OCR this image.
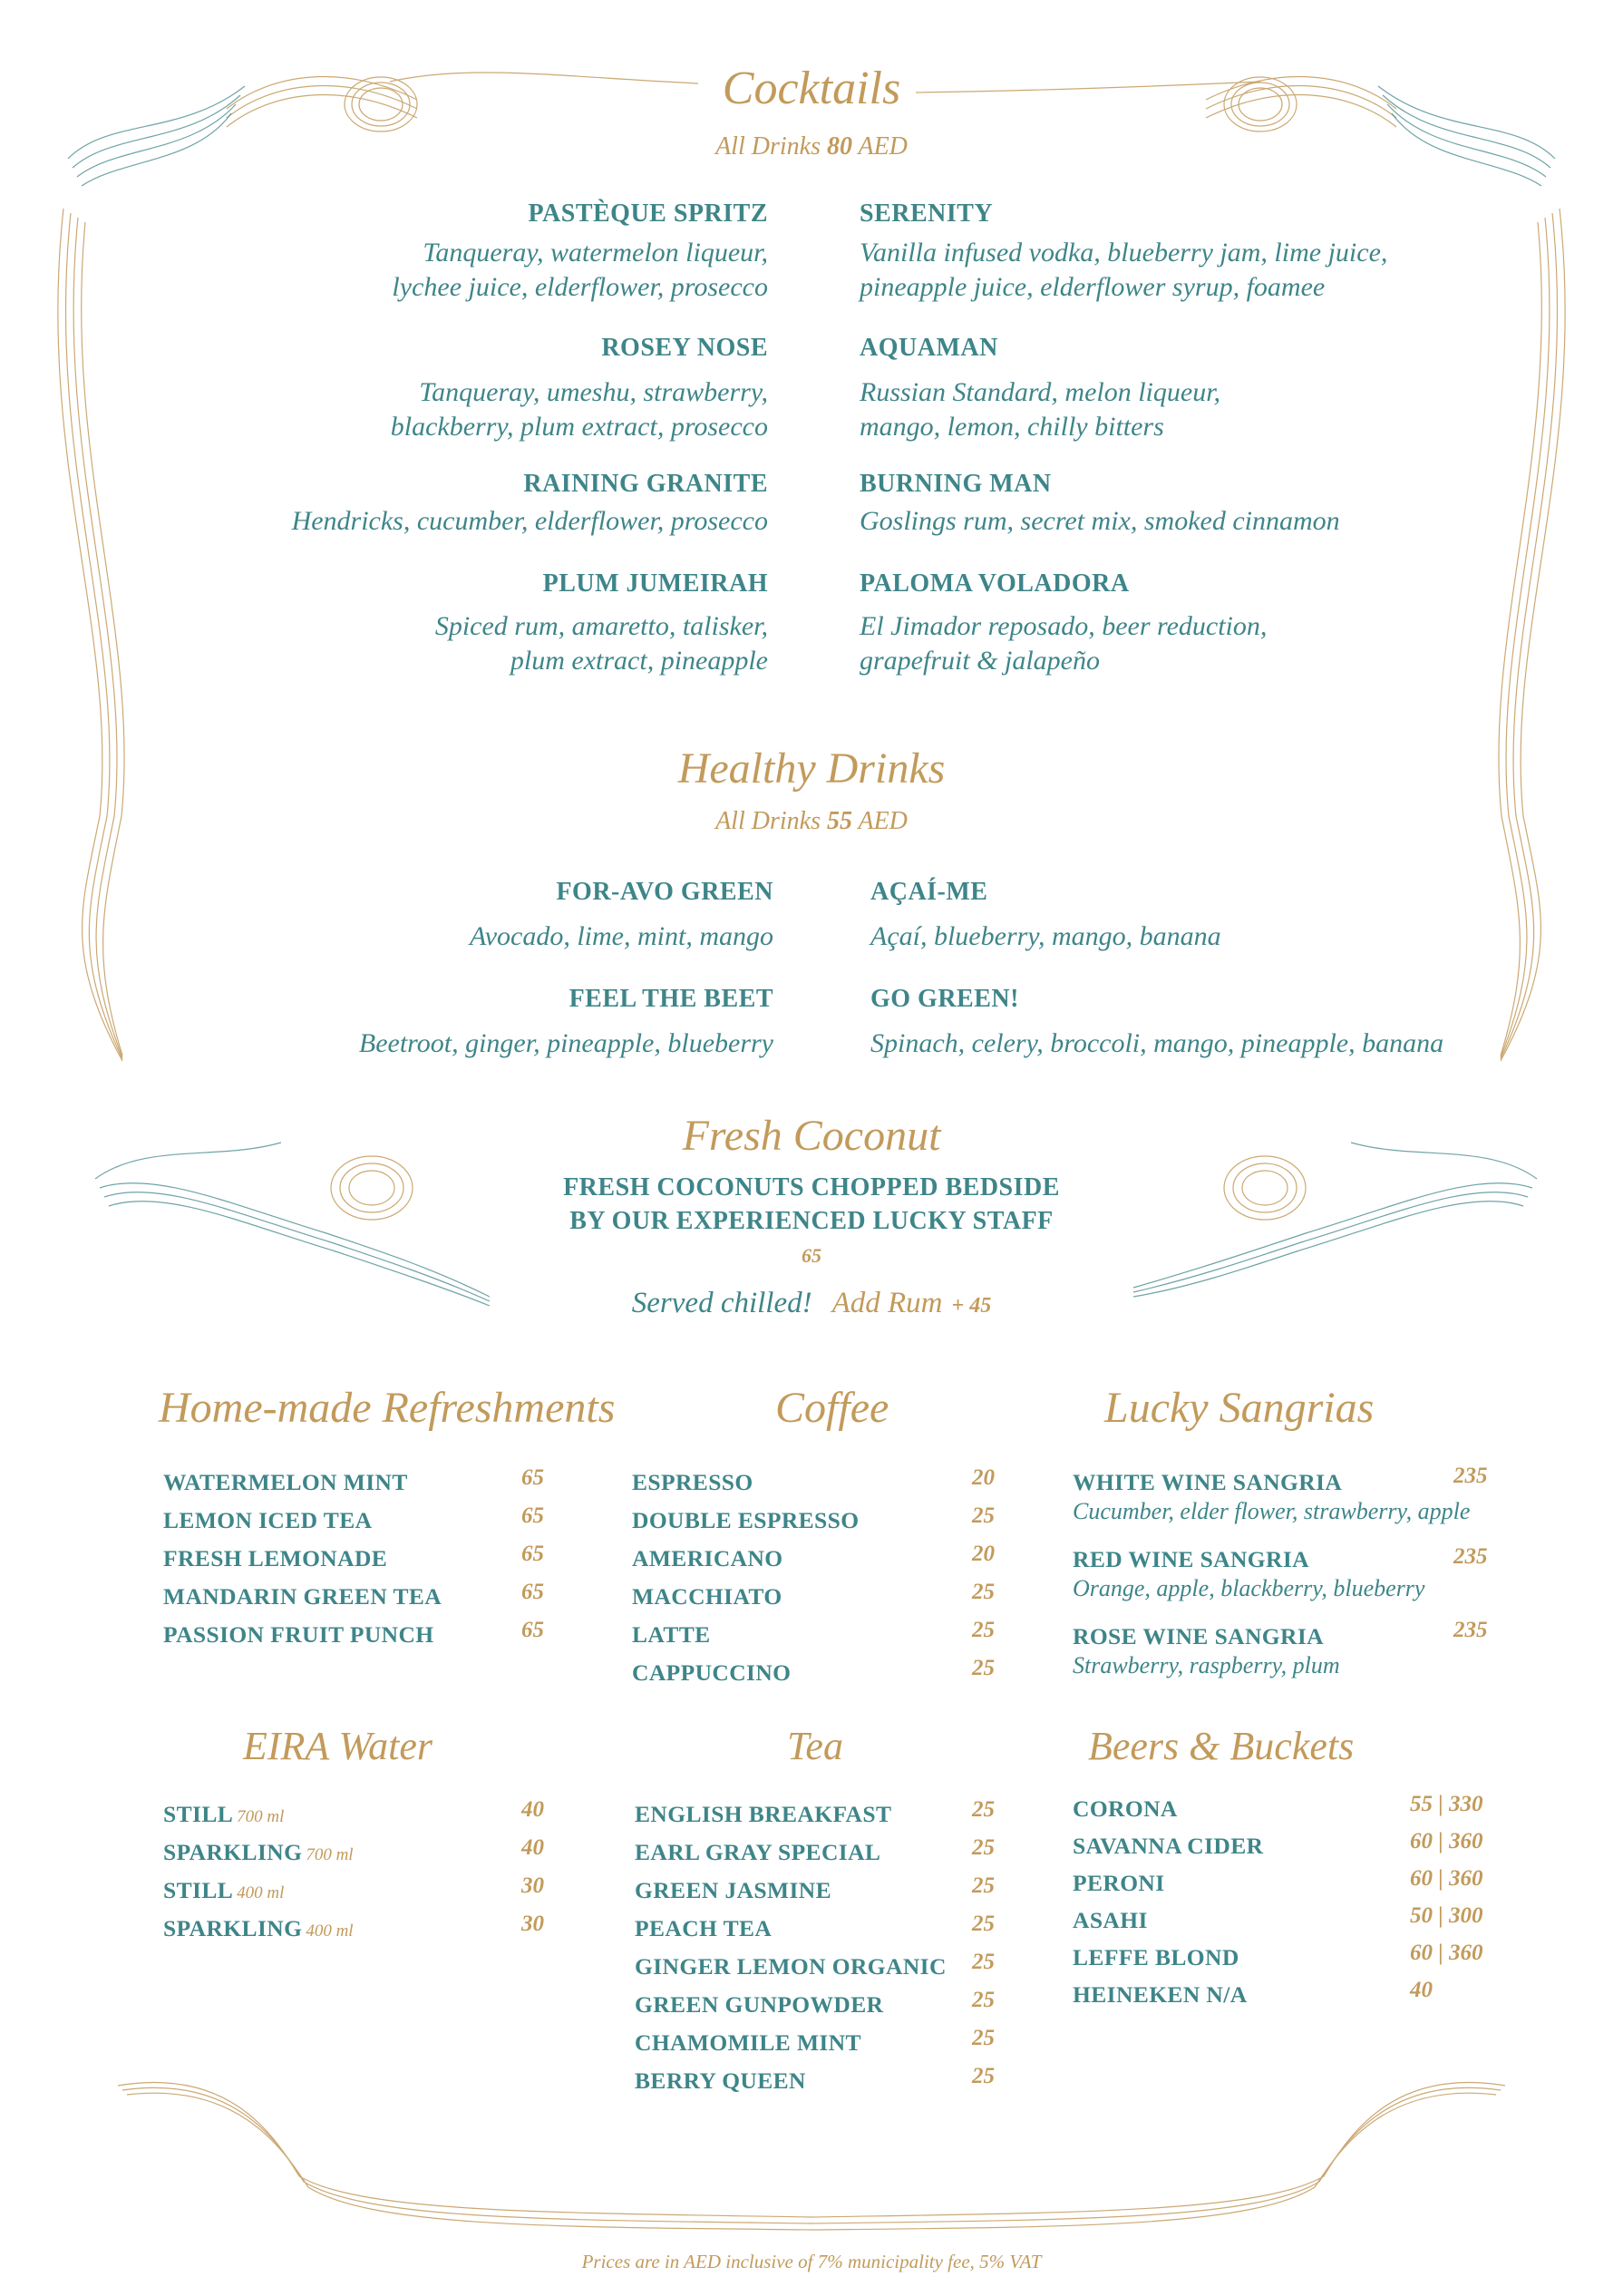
Cocktails
All Drinks 80 AED
PASTÈQUE SPRITZ
Tanqueray, watermelon liqueur,
lychee juice, elderflower, prosecco
ROSEY NOSE
Tanqueray, umeshu, strawberry,
blackberry, plum extract, prosecco
RAINING GRANITE
Hendricks, cucumber, elderflower, prosecco
PLUM JUMEIRAH
Spiced rum, amaretto, talisker,
plum extract, pineapple
SERENITY
Vanilla infused vodka, blueberry jam, lime juice,
pineapple juice, elderflower syrup, foamee
AQUAMAN
Russian Standard, melon liqueur,
mango, lemon, chilly bitters
BURNING MAN
Goslings rum, secret mix, smoked cinnamon
PALOMA VOLADORA
El Jimador reposado, beer reduction,
grapefruit & jalapeño
Healthy Drinks
All Drinks 55 AED
FOR-AVO GREEN
Avocado, lime, mint, mango
FEEL THE BEET
Beetroot, ginger, pineapple, blueberry
AÇAÍ-ME
Açaí, blueberry, mango, banana
GO GREEN!
Spinach, celery, broccoli, mango, pineapple, banana
Fresh Coconut
FRESH COCONUTS CHOPPED BEDSIDE
BY OUR EXPERIENCED LUCKY STAFF
65
Served chilled! Add Rum + 45
Home-made Refreshments
WATERMELON MINT	65
LEMON ICED TEA	65
FRESH LEMONADE	65
MANDARIN GREEN TEA	65
PASSION FRUIT PUNCH	65
Coffee
ESPRESSO	20
DOUBLE ESPRESSO	25
AMERICANO	20
MACCHIATO	25
LATTE	25
CAPPUCCINO	25
Lucky Sangrias
WHITE WINE SANGRIA	235
Cucumber, elder flower, strawberry, apple
RED WINE SANGRIA	235
Orange, apple, blackberry, blueberry
ROSE WINE SANGRIA	235
Strawberry, raspberry, plum
EIRA Water
STILL 700 ml	40
SPARKLING 700 ml	40
STILL 400 ml	30
SPARKLING 400 ml	30
Tea
ENGLISH BREAKFAST	25
EARL GRAY SPECIAL	25
GREEN JASMINE	25
PEACH TEA	25
GINGER LEMON ORGANIC 25
GREEN GUNPOWDER	25
CHAMOMILE MINT	25
BERRY QUEEN	25
Beers & Buckets
CORONA	55 | 330
SAVANNA CIDER	60 | 360
PERONI	60 | 360
ASAHI	50 | 300
LEFFE BLOND	60 | 360
HEINEKEN N/A	40
Prices are in AED inclusive of 7% municipality fee, 5% VAT
